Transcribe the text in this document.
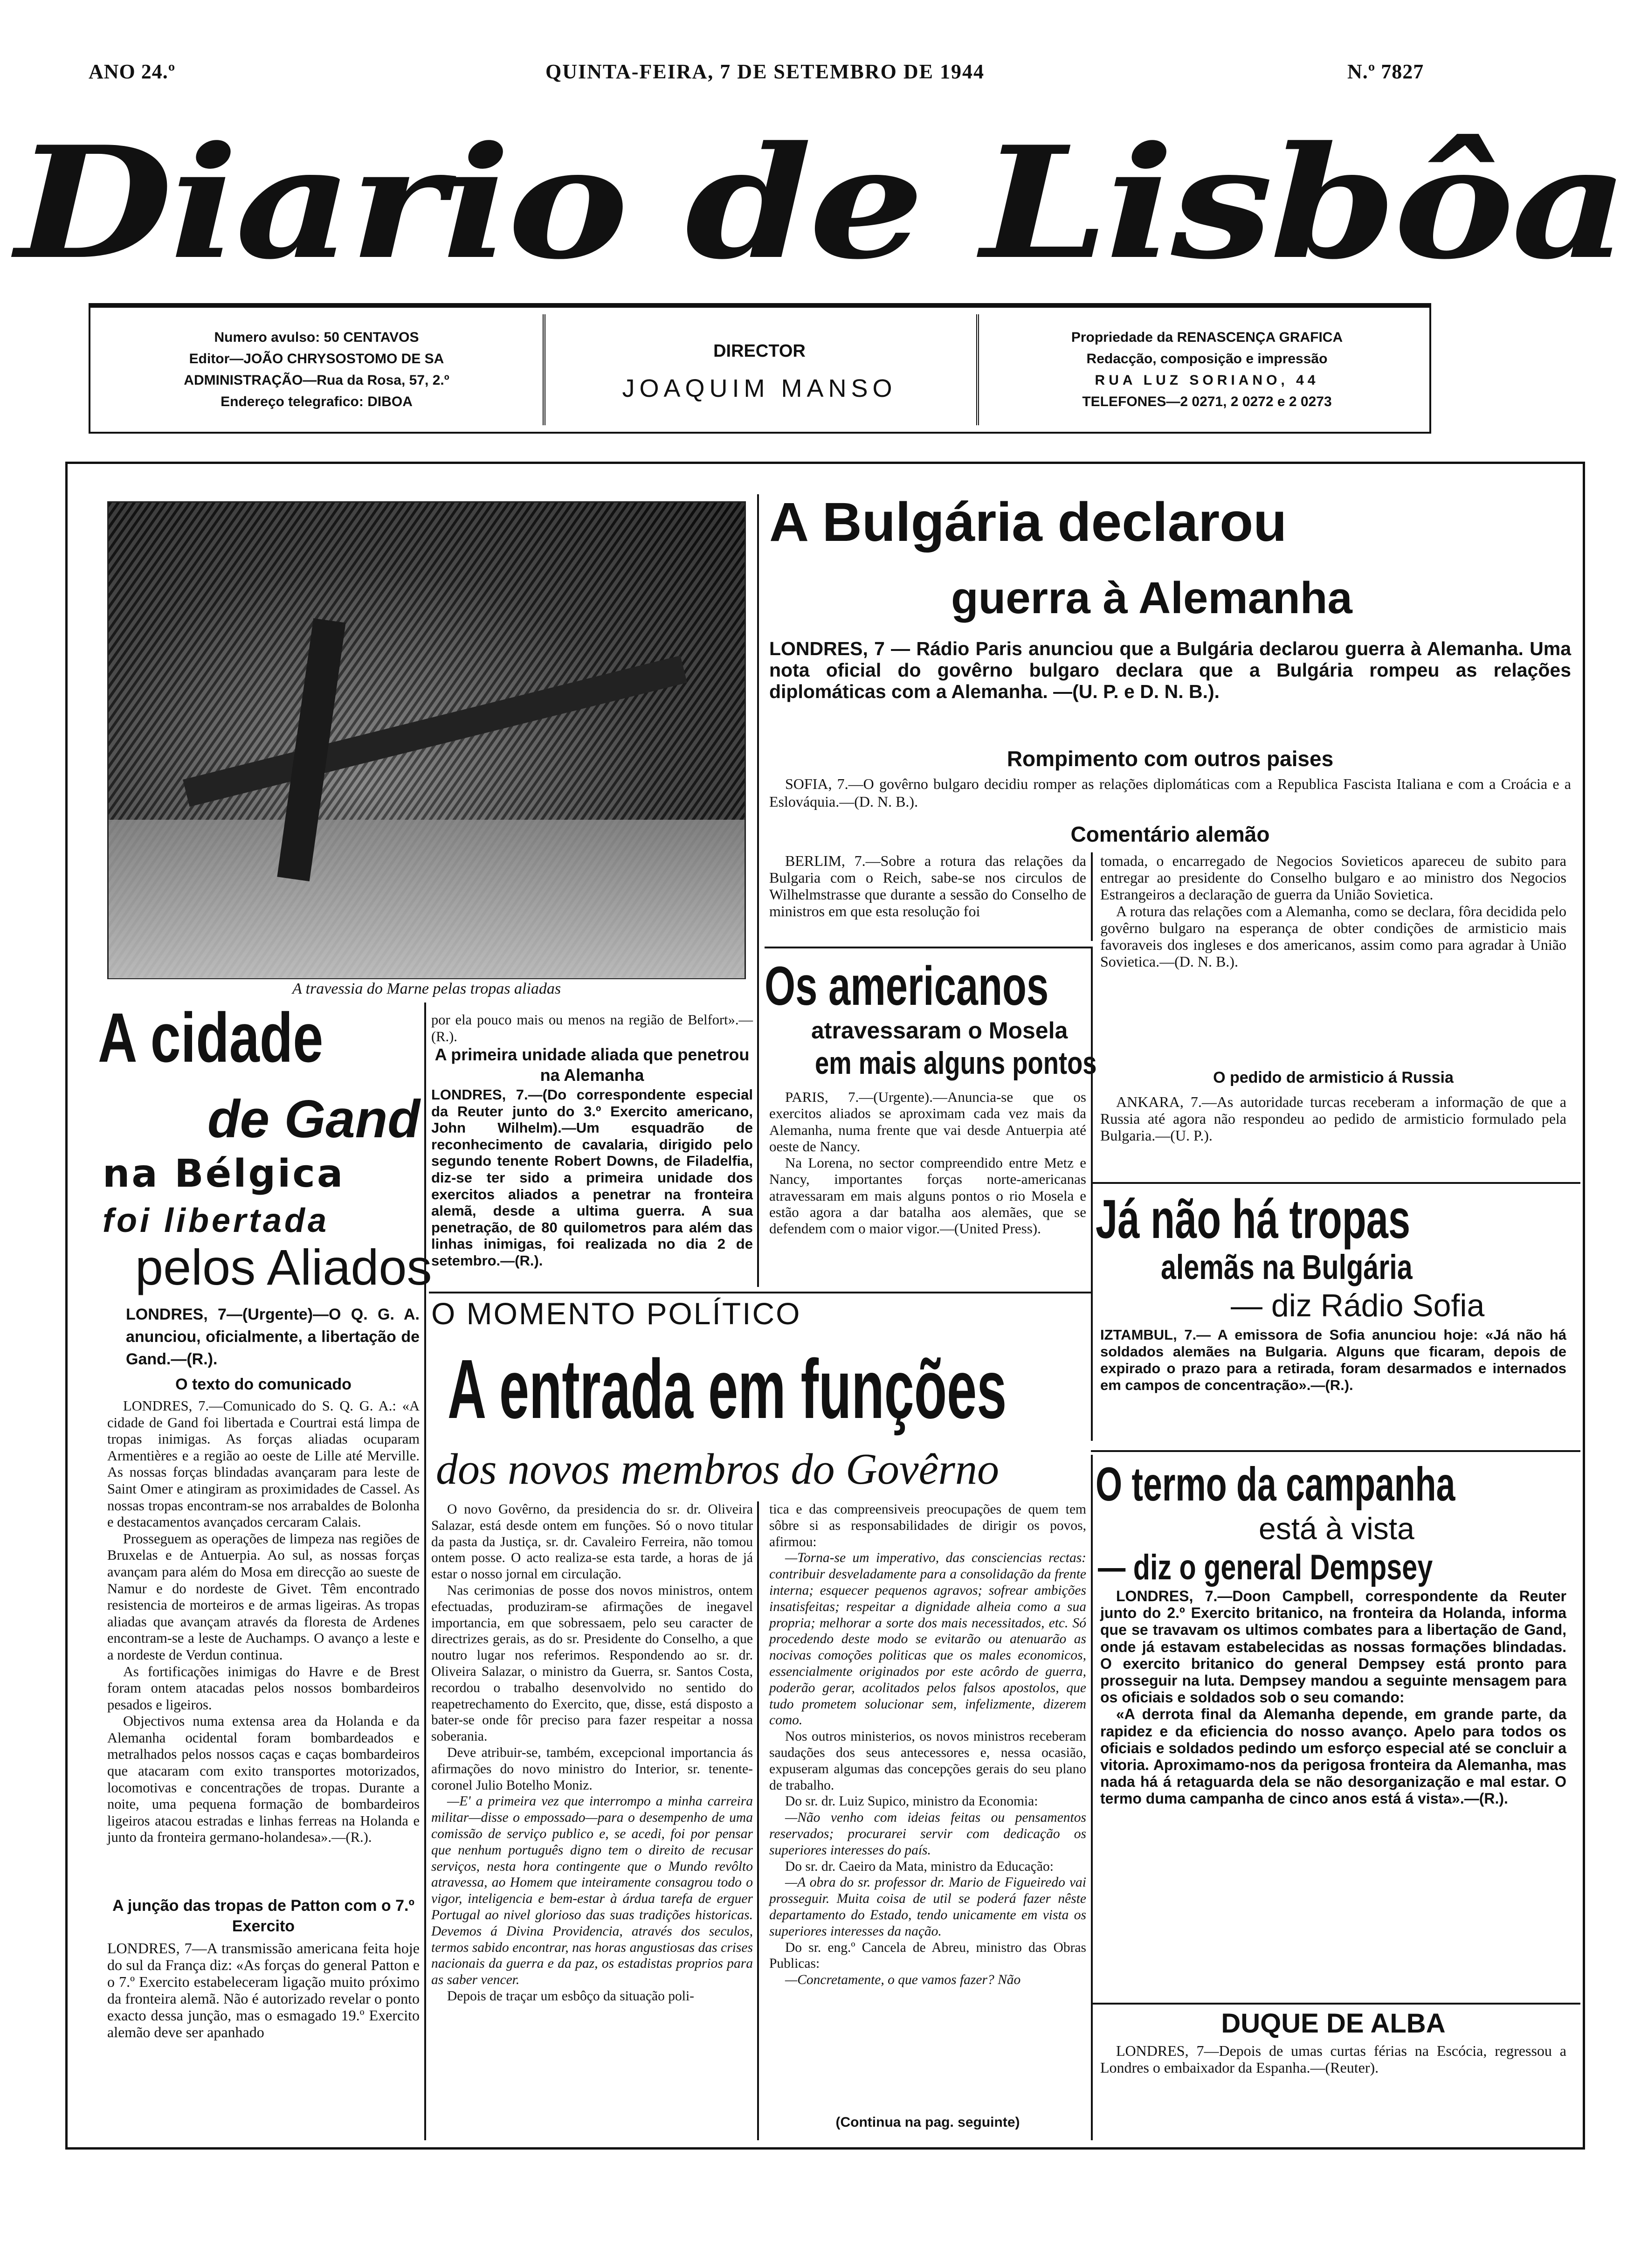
ANO 24.º	QUINTA-FEIRA, 7 DE SETEMBRO DE 1944	N.º 7827
Diario de Lisbôa
Numero avulso: 50 CENTAVOS
Editor—JOÃO CHRYSOSTOMO DE SA
ADMINISTRAÇÃO—Rua da Rosa, 57, 2.º
Endereço telegrafico: DIBOA
DIRECTOR
JOAQUIM MANSO
Propriedade da RENASCENÇA GRAFICA
Redacção, composição e impressão
RUA LUZ SORIANO, 44
TELEFONES—2 0271, 2 0272 e 2 0273
A travessia do Marne pelas tropas aliadas
A cidade
de Gand
na Bélgica
foi libertada
pelos Aliados
LONDRES, 7—(Urgente)—O Q. G. A. anunciou, oficialmente, a libertação de Gand.—(R.).
O texto do comunicado

LONDRES, 7.—Comunicado do S. Q. G. A.: «A cidade de Gand foi libertada e Courtrai está limpa de tropas inimigas. As forças aliadas ocuparam Armentières e a região ao oeste de Lille até Merville. As nossas forças blindadas avançaram para leste de Saint Omer e atingiram as proximidades de Cassel. As nossas tropas encontram-se nos arrabaldes de Bolonha e destacamentos avançados cercaram Calais.

Prosseguem as operações de limpeza nas regiões de Bruxelas e de Antuerpia. Ao sul, as nossas forças avançam para além do Mosa em direcção ao sueste de Namur e do nordeste de Givet. Têm encontrado resistencia de morteiros e de armas ligeiras. As tropas aliadas que avançam através da floresta de Ardenes encontram-se a leste de Auchamps. O avanço a leste e a nordeste de Verdun continua.

As fortificações inimigas do Havre e de Brest foram ontem atacadas pelos nossos bombardeiros pesados e ligeiros.

Objectivos numa extensa area da Holanda e da Alemanha ocidental foram bombardeados e metralhados pelos nossos caças e caças bombardeiros que atacaram com exito transportes motorizados, locomotivas e concentrações de tropas. Durante a noite, uma pequena formação de bombardeiros ligeiros atacou estradas e linhas ferreas na Holanda e junto da fronteira germano-holandesa».—(R.).

A junção das tropas de Patton com o 7.º Exercito
LONDRES, 7—A transmissão americana feita hoje do sul da França diz: «As forças do general Patton e o 7.º Exercito estabeleceram ligação muito próximo da fronteira alemã. Não é autorizado revelar o ponto exacto dessa junção, mas o esmagado 19.º Exercito alemão deve ser apanhado
por ela pouco mais ou menos na região de Belfort».—(R.).
A primeira unidade aliada que penetrou na Alemanha
LONDRES, 7.—(Do correspondente especial da Reuter junto do 3.º Exercito americano, John Wilhelm).—Um esquadrão de reconhecimento de cavalaria, dirigido pelo segundo tenente Robert Downs, de Filadelfia, diz-se ter sido a primeira unidade dos exercitos aliados a penetrar na fronteira alemã, desde a ultima guerra. A sua penetração, de 80 quilometros para além das linhas inimigas, foi realizada no dia 2 de setembro.—(R.).
A Bulgária declarou
guerra à Alemanha
LONDRES, 7 — Rádio Paris anunciou que a Bulgária declarou guerra à Alemanha. Uma nota oficial do govêrno bulgaro declara que a Bulgária rompeu as relações diplomáticas com a Alemanha. —(U. P. e D. N. B.).
Rompimento com outros paises

SOFIA, 7.—O govêrno bulgaro decidiu romper as relações diplomáticas com a Republica Fascista Italiana e com a Croácia e a Eslováquia.—(D. N. B.).

Comentário alemão

BERLIM, 7.—Sobre a rotura das relações da Bulgaria com o Reich, sabe-se nos circulos de Wilhelmstrasse que durante a sessão do Conselho de ministros em que esta resolução foi

tomada, o encarregado de Negocios Sovieticos apareceu de subito para entregar ao presidente do Conselho bulgaro e ao ministro dos Negocios Estrangeiros a declaração de guerra da União Sovietica.

A rotura das relações com a Alemanha, como se declara, fôra decidida pelo govêrno bulgaro na esperança de obter condições de armisticio mais favoraveis dos ingleses e dos americanos, assim como para agradar à União Sovietica.—(D. N. B.).

O pedido de armisticio á Russia

ANKARA, 7.—As autoridade turcas receberam a informação de que a Russia até agora não respondeu ao pedido de armisticio formulado pela Bulgaria.—(U. P.).

Os americanos
atravessaram o Mosela
em mais alguns pontos

PARIS, 7.—(Urgente).—Anuncia-se que os exercitos aliados se aproximam cada vez mais da Alemanha, numa frente que vai desde Antuerpia até oeste de Nancy.

Na Lorena, no sector compreendido entre Metz e Nancy, importantes forças norte-americanas atravessaram em mais alguns pontos o rio Mosela e estão agora a dar batalha aos alemães, que se defendem com o maior vigor.—(United Press). Já não há tropas
alemãs na Bulgária
— diz Rádio Sofia
IZTAMBUL, 7.— A emissora de Sofia anunciou hoje: «Já não há soldados alemães na Bulgaria. Alguns que ficaram, depois de expirado o prazo para a retirada, foram desarmados e internados em campos de concentração».—(R.).
O MOMENTO POLÍTICO
A entrada em funções
dos novos membros do Govêrno

O novo Govêrno, da presidencia do sr. dr. Oliveira Salazar, está desde ontem em funções. Só o novo titular da pasta da Justiça, sr. dr. Cavaleiro Ferreira, não tomou ontem posse. O acto realiza-se esta tarde, a horas de já estar o nosso jornal em circulação.

Nas cerimonias de posse dos novos ministros, ontem efectuadas, produziram-se afirmações de inegavel importancia, em que sobressaem, pelo seu caracter de directrizes gerais, as do sr. Presidente do Conselho, a que noutro lugar nos referimos. Respondendo ao sr. dr. Oliveira Salazar, o ministro da Guerra, sr. Santos Costa, recordou o trabalho desenvolvido no sentido do reapetrechamento do Exercito, que, disse, está disposto a bater-se onde fôr preciso para fazer respeitar a nossa soberania.

Deve atribuir-se, também, excepcional importancia ás afirmações do novo ministro do Interior, sr. tenente-coronel Julio Botelho Moniz.

—E' a primeira vez que interrompo a minha carreira militar—disse o empossado—para o desempenho de uma comissão de serviço publico e, se acedi, foi por pensar que nenhum português digno tem o direito de recusar serviços, nesta hora contingente que o Mundo revôlto atravessa, ao Homem que inteiramente consagrou todo o vigor, inteligencia e bem-estar à árdua tarefa de erguer Portugal ao nivel glorioso das suas tradições historicas. Devemos á Divina Providencia, através dos seculos, termos sabido encontrar, nas horas angustiosas das crises nacionais da guerra e da paz, os estadistas proprios para as saber vencer.

Depois de traçar um esbôço da situação poli-

tica e das compreensiveis preocupações de quem tem sôbre si as responsabilidades de dirigir os povos, afirmou:

—Torna-se um imperativo, das consciencias rectas: contribuir desveladamente para a consolidação da frente interna; esquecer pequenos agravos; sofrear ambições insatisfeitas; respeitar a dignidade alheia como a sua propria; melhorar a sorte dos mais necessitados, etc. Só procedendo deste modo se evitarão ou atenuarão as nocivas comoções politicas que os males economicos, essencialmente originados por este acôrdo de guerra, poderão gerar, acolitados pelos falsos apostolos, que tudo prometem solucionar sem, infelizmente, dizerem como.

Nos outros ministerios, os novos ministros receberam saudações dos seus antecessores e, nessa ocasião, expuseram algumas das concepções gerais do seu plano de trabalho.

Do sr. dr. Luiz Supico, ministro da Economia:

—Não venho com ideias feitas ou pensamentos reservados; procurarei servir com dedicação os superiores interesses do país.

Do sr. dr. Caeiro da Mata, ministro da Educação:

—A obra do sr. professor dr. Mario de Figueiredo vai prosseguir. Muita coisa de util se poderá fazer nêste departamento do Estado, tendo unicamente em vista os superiores interesses da nação.

Do sr. eng.º Cancela de Abreu, ministro das Obras Publicas:

—Concretamente, o que vamos fazer? Não

(Continua na pag. seguinte)
O termo da campanha
está à vista
— diz o general Dempsey

LONDRES, 7.—Doon Campbell, correspondente da Reuter junto do 2.º Exercito britanico, na fronteira da Holanda, informa que se travavam os ultimos combates para a libertação de Gand, onde já estavam estabelecidas as nossas formações blindadas. O exercito britanico do general Dempsey está pronto para prosseguir na luta. Dempsey mandou a seguinte mensagem para os oficiais e soldados sob o seu comando:

«A derrota final da Alemanha depende, em grande parte, da rapidez e da eficiencia do nosso avanço. Apelo para todos os oficiais e soldados pedindo um esforço especial até se concluir a vitoria. Aproximamo-nos da perigosa fronteira da Alemanha, mas nada há á retaguarda dela se não desorganização e mal estar. O termo duma campanha de cinco anos está á vista».—(R.).

DUQUE DE ALBA

LONDRES, 7—Depois de umas curtas férias na Escócia, regressou a Londres o embaixador da Espanha.—(Reuter).
